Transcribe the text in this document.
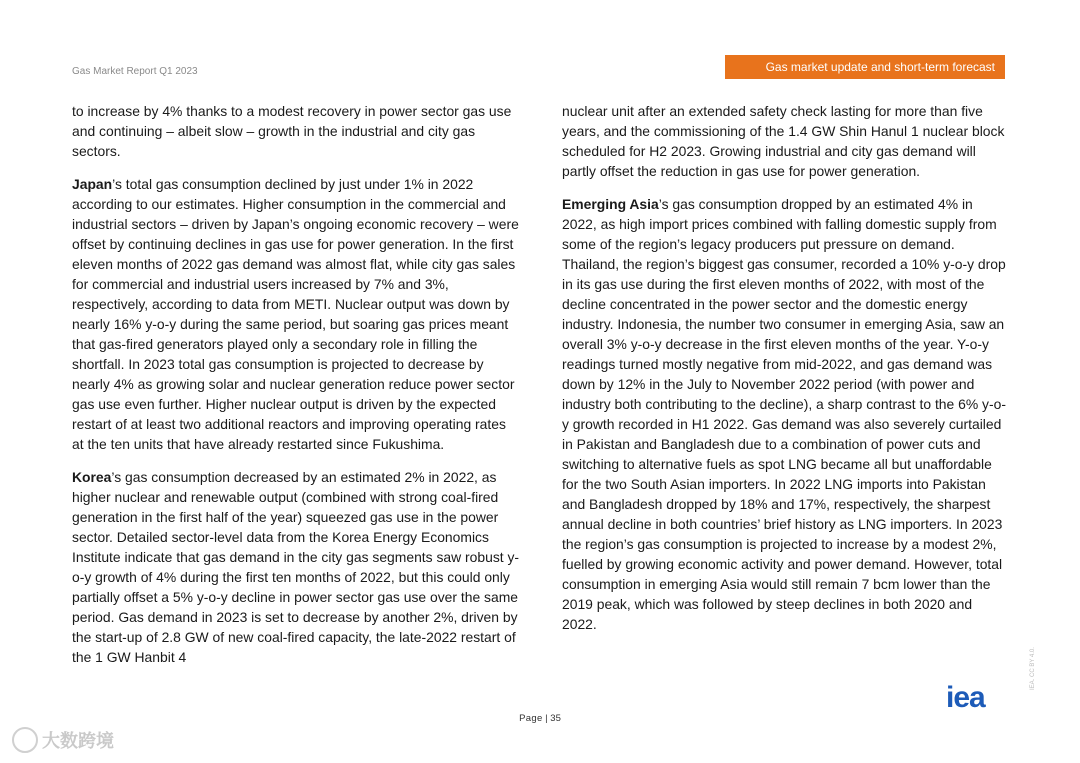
Gas Market Report Q1 2023	Gas market update and short-term forecast

to increase by 4% thanks to a modest recovery in power sector gas use and continuing – albeit slow – growth in the industrial and city gas sectors.

Japan’s total gas consumption declined by just under 1% in 2022 according to our estimates. Higher consumption in the commercial and industrial sectors – driven by Japan’s ongoing economic recovery – were offset by continuing declines in gas use for power generation. In the first eleven months of 2022 gas demand was almost flat, while city gas sales for commercial and industrial users increased by 7% and 3%, respectively, according to data from METI. Nuclear output was down by nearly 16% y-o-y during the same period, but soaring gas prices meant that gas-fired generators played only a secondary role in filling the shortfall. In 2023 total gas consumption is projected to decrease by nearly 4% as growing solar and nuclear generation reduce power sector gas use even further. Higher nuclear output is driven by the expected restart of at least two additional reactors and improving operating rates at the ten units that have already restarted since Fukushima.

Korea’s gas consumption decreased by an estimated 2% in 2022, as higher nuclear and renewable output (combined with strong coal-fired generation in the first half of the year) squeezed gas use in the power sector. Detailed sector-level data from the Korea Energy Economics Institute indicate that gas demand in the city gas segments saw robust y-o-y growth of 4% during the first ten months of 2022, but this could only partially offset a 5% y-o-y decline in power sector gas use over the same period. Gas demand in 2023 is set to decrease by another 2%, driven by the start-up of 2.8 GW of new coal-fired capacity, the late-2022 restart of the 1 GW Hanbit 4

nuclear unit after an extended safety check lasting for more than five years, and the commissioning of the 1.4 GW Shin Hanul 1 nuclear block scheduled for H2 2023. Growing industrial and city gas demand will partly offset the reduction in gas use for power generation.

Emerging Asia’s gas consumption dropped by an estimated 4% in 2022, as high import prices combined with falling domestic supply from some of the region’s legacy producers put pressure on demand. Thailand, the region’s biggest gas consumer, recorded a 10% y-o-y drop in its gas use during the first eleven months of 2022, with most of the decline concentrated in the power sector and the domestic energy industry. Indonesia, the number two consumer in emerging Asia, saw an overall 3% y-o-y decrease in the first eleven months of the year. Y-o-y readings turned mostly negative from mid-2022, and gas demand was down by 12% in the July to November 2022 period (with power and industry both contributing to the decline), a sharp contrast to the 6% y-o-y growth recorded in H1 2022. Gas demand was also severely curtailed in Pakistan and Bangladesh due to a combination of power cuts and switching to alternative fuels as spot LNG became all but unaffordable for the two South Asian importers. In 2022 LNG imports into Pakistan and Bangladesh dropped by 18% and 17%, respectively, the sharpest annual decline in both countries’ brief history as LNG importers. In 2023 the region’s gas consumption is projected to increase by a modest 2%, fuelled by growing economic activity and power demand. However, total consumption in emerging Asia would still remain 7 bcm lower than the 2019 peak, which was followed by steep declines in both 2020 and 2022.

Page | 35
iea
IEA. CC BY 4.0.
大数跨境
